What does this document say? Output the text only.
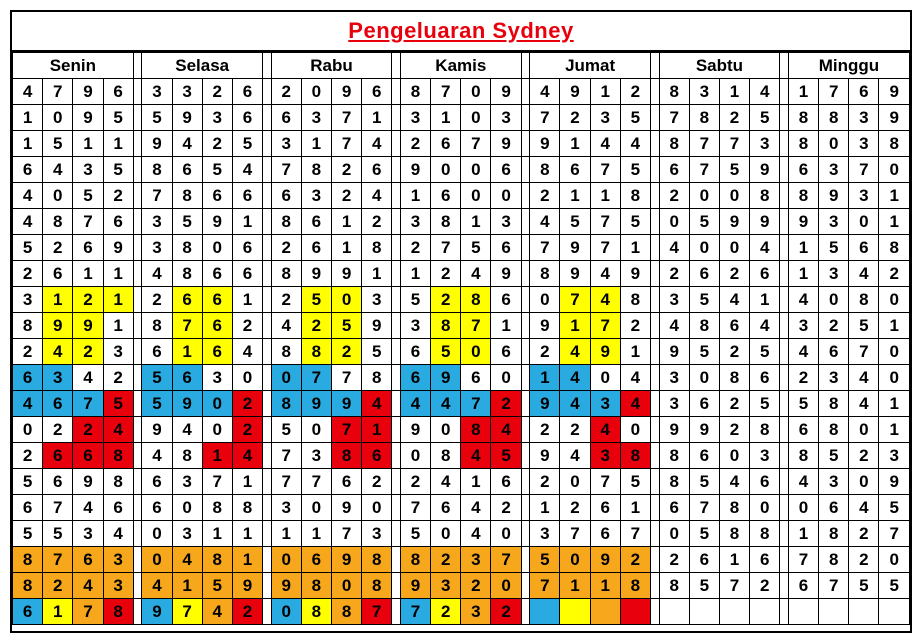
Pengeluaran Sydney
Senin					Selasa					Rabu					Kamis					Jumat					Sabtu					Minggu			
4	7	9	6		3	3	2	6		2	0	9	6		8	7	0	9		4	9	1	2		8	3	1	4		1	7	6	9
1	0	9	5		5	9	3	6		6	3	7	1		3	1	0	3		7	2	3	5		7	8	2	5		8	8	3	9
1	5	1	1		9	4	2	5		3	1	7	4		2	6	7	9		9	1	4	4		8	7	7	3		8	0	3	8
6	4	3	5		8	6	5	4		7	8	2	6		9	0	0	6		8	6	7	5		6	7	5	9		6	3	7	0
4	0	5	2		7	8	6	6		6	3	2	4		1	6	0	0		2	1	1	8		2	0	0	8		8	9	3	1
4	8	7	6		3	5	9	1		8	6	1	2		3	8	1	3		4	5	7	5		0	5	9	9		9	3	0	1
5	2	6	9		3	8	0	6		2	6	1	8		2	7	5	6		7	9	7	1		4	0	0	4		1	5	6	8
2	6	1	1		4	8	6	6		8	9	9	1		1	2	4	9		8	9	4	9		2	6	2	6		1	3	4	2
3	1	2	1		2	6	6	1		2	5	0	3		5	2	8	6		0	7	4	8		3	5	4	1		4	0	8	0
8	9	9	1		8	7	6	2		4	2	5	9		3	8	7	1		9	1	7	2		4	8	6	4		3	2	5	1
2	4	2	3		6	1	6	4		8	8	2	5		6	5	0	6		2	4	9	1		9	5	2	5		4	6	7	0
6	3	4	2		5	6	3	0		0	7	7	8		6	9	6	0		1	4	0	4		3	0	8	6		2	3	4	0
4	6	7	5		5	9	0	2		8	9	9	4		4	4	7	2		9	4	3	4		3	6	2	5		5	8	4	1
0	2	2	4		9	4	0	2		5	0	7	1		9	0	8	4		2	2	4	0		9	9	2	8		6	8	0	1
2	6	6	8		4	8	1	4		7	3	8	6		0	8	4	5		9	4	3	8		8	6	0	3		8	5	2	3
5	6	9	8		6	3	7	1		7	7	6	2		2	4	1	6		2	0	7	5		8	5	4	6		4	3	0	9
6	7	4	6		6	0	8	8		3	0	9	0		7	6	4	2		1	2	6	1		6	7	8	0		0	6	4	5
5	5	3	4		0	3	1	1		1	1	7	3		5	0	4	0		3	7	6	7		0	5	8	8		1	8	2	7
8	7	6	3		0	4	8	1		0	6	9	8		8	2	3	7		5	0	9	2		2	6	1	6		7	8	2	0
8	2	4	3		4	1	5	9		9	8	0	8		9	3	2	0		7	1	1	8		8	5	7	2		6	7	5	5
6	1	7	8		9	7	4	2		0	8	8	7		7	2	3	2															
